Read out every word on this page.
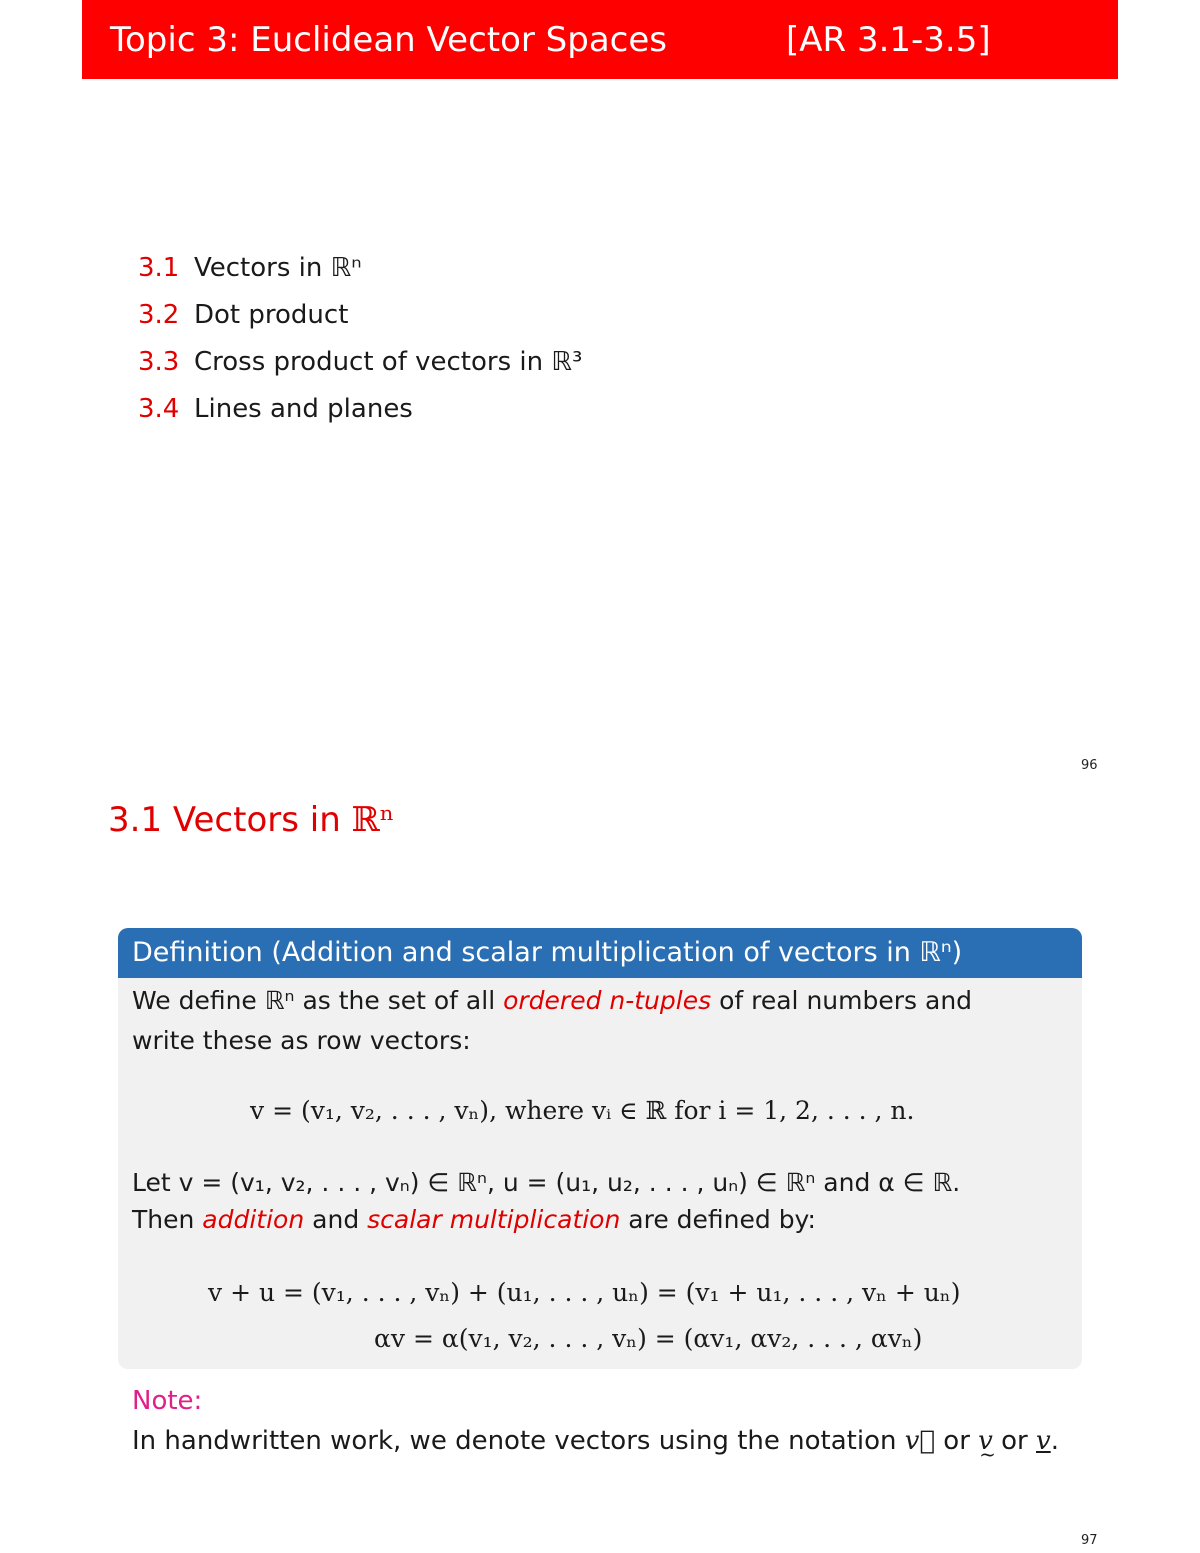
Topic 3: Euclidean Vector Spaces	[AR 3.1-3.5]
3.1 Vectors in ℝⁿ
3.2 Dot product
3.3 Cross product of vectors in ℝ³
3.4 Lines and planes
96
3.1 Vectors in ℝⁿ
Definition (Addition and scalar multiplication of vectors in ℝⁿ)
We define ℝⁿ as the set of all ordered n-tuples of real numbers and
write these as row vectors:
v = (v₁, v₂, . . . , vₙ), where vᵢ ∈ ℝ for i = 1, 2, . . . , n.
Let v = (v₁, v₂, . . . , vₙ) ∈ ℝⁿ, u = (u₁, u₂, . . . , uₙ) ∈ ℝⁿ and α ∈ ℝ.
Then addition and scalar multiplication are defined by:
v + u = (v₁, . . . , vₙ) + (u₁, . . . , uₙ) = (v₁ + u₁, . . . , vₙ + uₙ)
αv = α(v₁, v₂, . . . , vₙ) = (αv₁, αv₂, . . . , αvₙ)
Note:
In handwritten work, we denote vectors using the notation v⃗ or v ~ or v.
97
